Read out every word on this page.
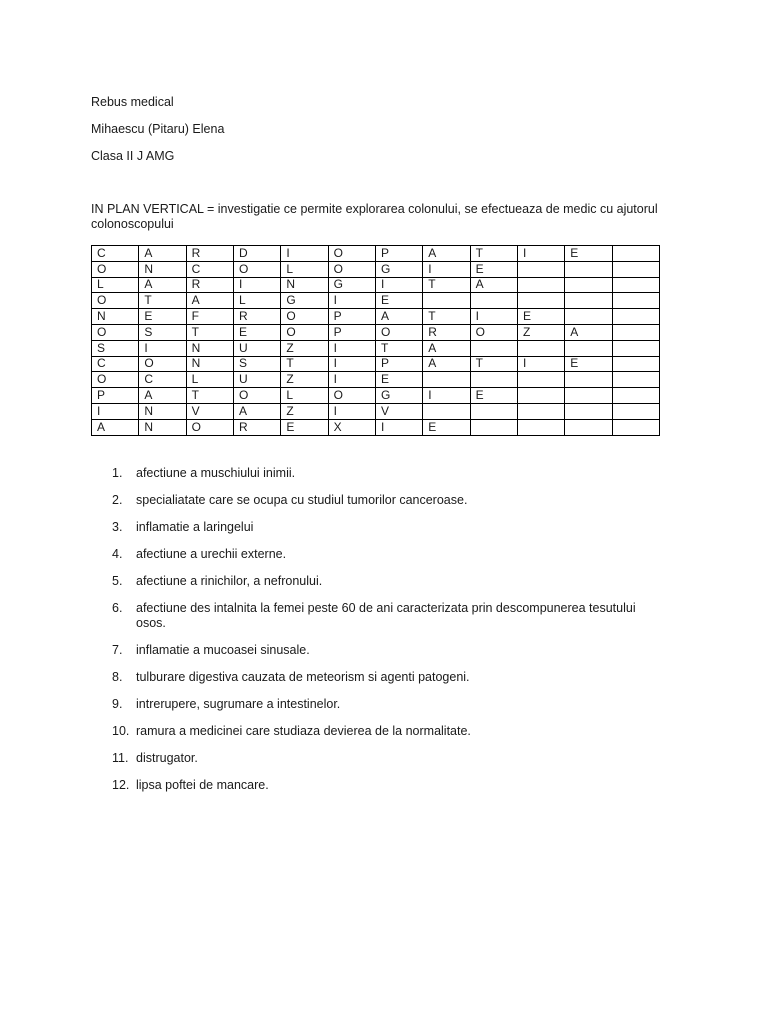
Rebus medical
Mihaescu (Pitaru) Elena
Clasa II J AMG
IN PLAN VERTICAL = investigatie ce permite explorarea colonului, se efectueaza de medic cu ajutorul colonoscopului
C	A	R	D	I	O	P	A	T	I	E	
O	N	C	O	L	O	G	I	E			
L	A	R	I	N	G	I	T	A			
O	T	A	L	G	I	E					
N	E	F	R	O	P	A	T	I	E		
O	S	T	E	O	P	O	R	O	Z	A	
S	I	N	U	Z	I	T	A				
C	O	N	S	T	I	P	A	T	I	E	
O	C	L	U	Z	I	E					
P	A	T	O	L	O	G	I	E			
I	N	V	A	Z	I	V					
A	N	O	R	E	X	I	E				
1. afectiune a muschiului inimii.
2. specialiatate care se ocupa cu studiul tumorilor canceroase.
3. inflamatie a laringelui
4. afectiune a urechii externe.
5. afectiune a rinichilor, a nefronului.
6. afectiune des intalnita la femei peste 60 de ani caracterizata prin descompunerea tesutului osos.
7. inflamatie a mucoasei sinusale.
8. tulburare digestiva cauzata de meteorism si agenti patogeni.
9. intrerupere, sugrumare a intestinelor.
10. ramura a medicinei care studiaza devierea de la normalitate.
11. distrugator.
12. lipsa poftei de mancare.
